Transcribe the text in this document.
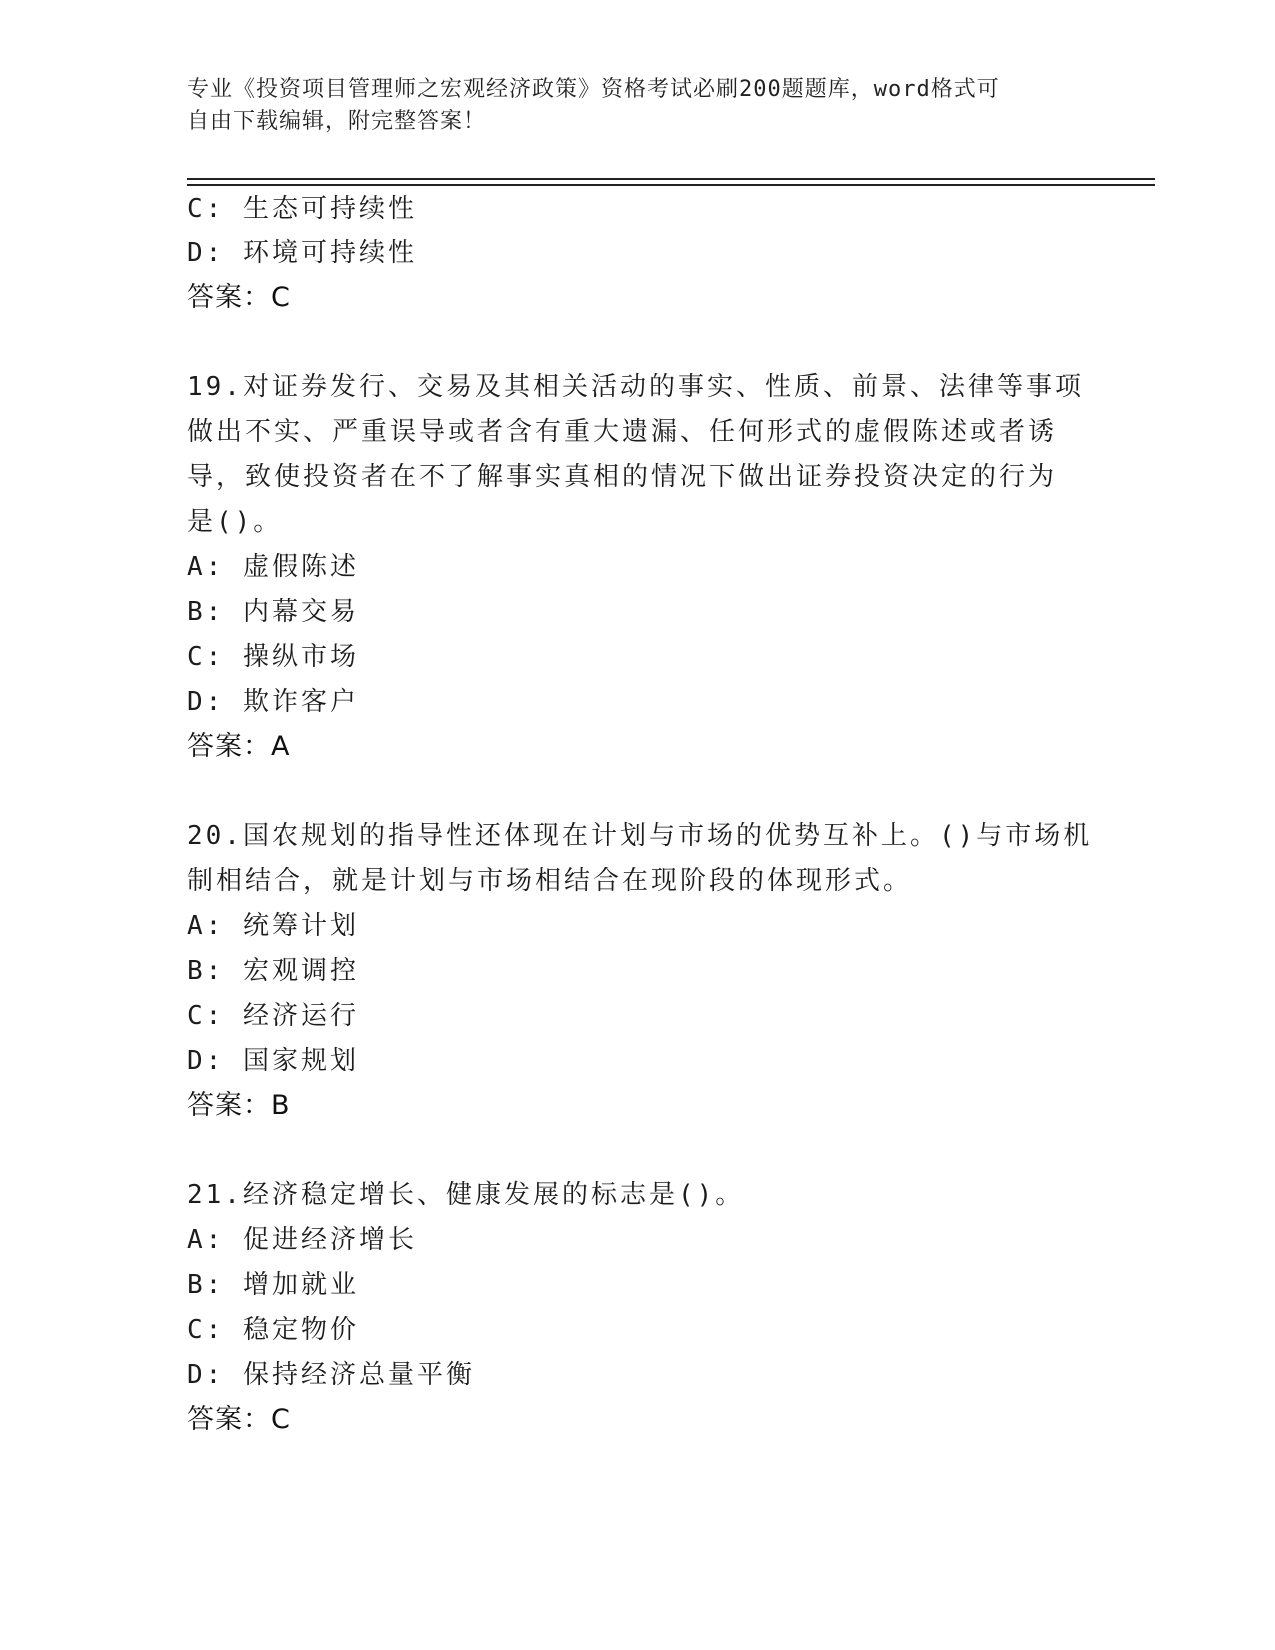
专业《投资项目管理师之宏观经济政策》资格考试必刷200题题库，word格式可
自由下载编辑，附完整答案！
C: 生态可持续性
D: 环境可持续性
答案：C
19.对证券发行、交易及其相关活动的事实、性质、前景、法律等事项
做出不实、严重误导或者含有重大遗漏、任何形式的虚假陈述或者诱
导，致使投资者在不了解事实真相的情况下做出证券投资决定的行为
是()。
A: 虚假陈述
B: 内幕交易
C: 操纵市场
D: 欺诈客户
答案：A
20.国农规划的指导性还体现在计划与市场的优势互补上。()与市场机
制相结合，就是计划与市场相结合在现阶段的体现形式。
A: 统筹计划
B: 宏观调控
C: 经济运行
D: 国家规划
答案：B
21.经济稳定增长、健康发展的标志是()。
A: 促进经济增长
B: 增加就业
C: 稳定物价
D: 保持经济总量平衡
答案：C
